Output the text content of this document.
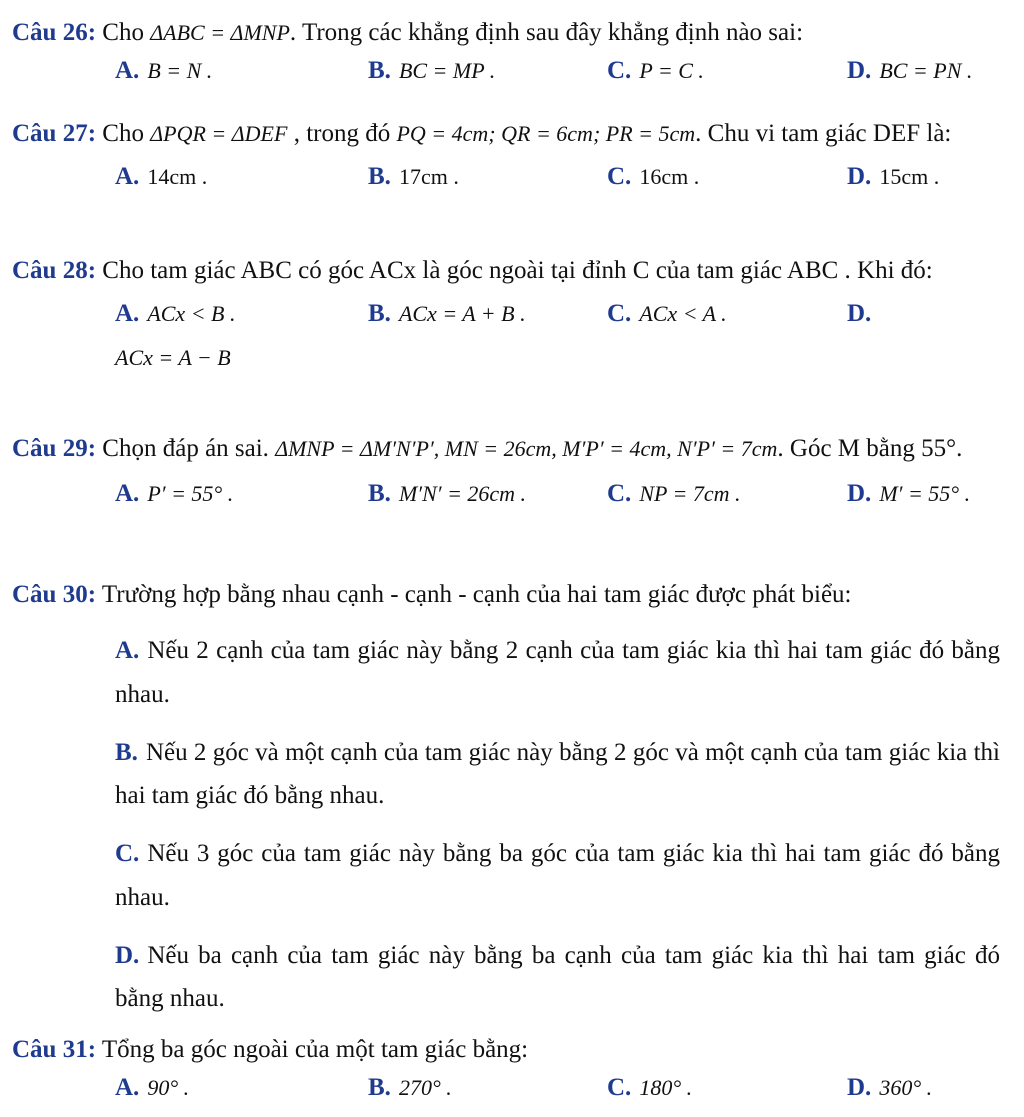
Câu 26: Cho ΔABC = ΔMNP. Trong các khẳng định sau đây khẳng định nào sai:

A. B = N .	B. BC = MP .	C. P = C .	D. BC = PN .

Câu 27: Cho ΔPQR = ΔDEF , trong đó PQ = 4cm; QR = 6cm; PR = 5cm. Chu vi tam giác DEF là:

A. 14cm .	B. 17cm .	C. 16cm .	D. 15cm .

Câu 28: Cho tam giác ABC có góc ACx là góc ngoài tại đỉnh C của tam giác ABC . Khi đó:

A. ACx < B .	B. ACx = A + B .	C. ACx < A .	D.
ACx = A − B

Câu 29: Chọn đáp án sai. ΔMNP = ΔM′N′P′, MN = 26cm, M′P′ = 4cm, N′P′ = 7cm. Góc M bằng 55°.

A. P′ = 55° .	B. M′N′ = 26cm .	C. NP = 7cm .	D. M′ = 55° .

Câu 30: Trường hợp bằng nhau cạnh - cạnh - cạnh của hai tam giác được phát biểu:

A. Nếu 2 cạnh của tam giác này bằng 2 cạnh của tam giác kia thì hai tam giác đó bằng nhau.
B. Nếu 2 góc và một cạnh của tam giác này bằng 2 góc và một cạnh của tam giác kia thì hai tam giác đó bằng nhau.
C. Nếu 3 góc của tam giác này bằng ba góc của tam giác kia thì hai tam giác đó bằng nhau.
D. Nếu ba cạnh của tam giác này bằng ba cạnh của tam giác kia thì hai tam giác đó bằng nhau.

Câu 31: Tổng ba góc ngoài của một tam giác bằng:

A. 90° .	B. 270° .	C. 180° .	D. 360° .
